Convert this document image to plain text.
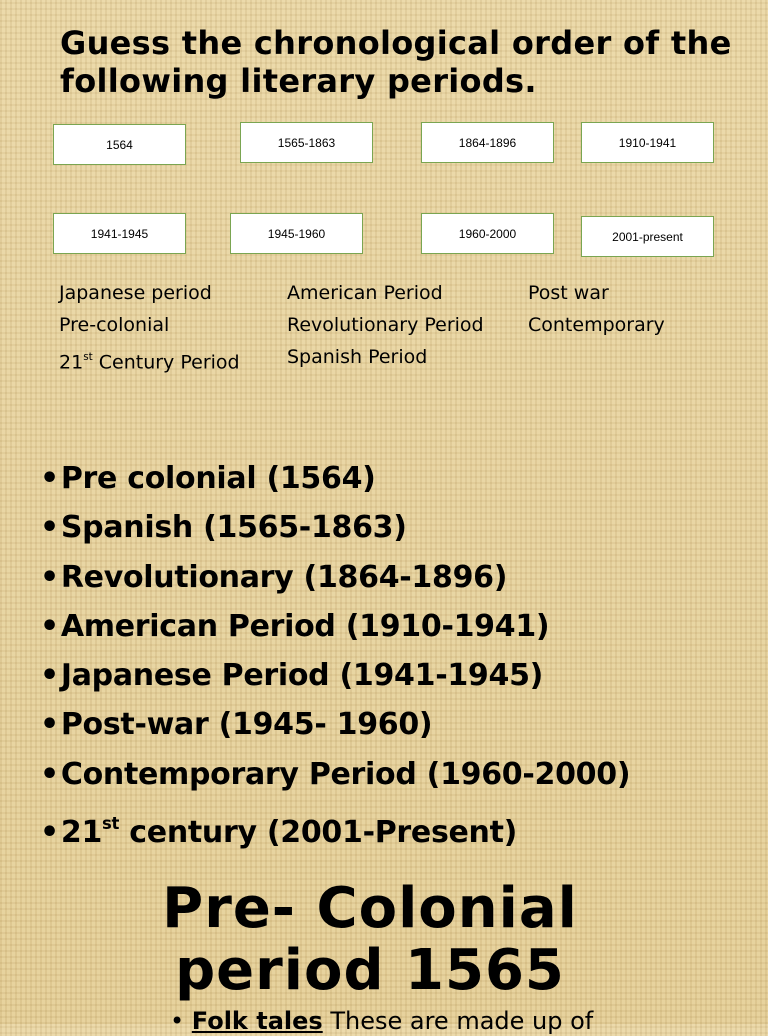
Guess the chronological order of the following literary periods.
1564	1565-1863	1864-1896	1910-1941
1941-1945	1945-1960	1960-2000	2001-present
Japanese period
Pre-colonial
21st Century Period
American Period
Revolutionary Period
Spanish Period
Post war
Contemporary
•Pre colonial (1564)
•Spanish (1565-1863)
•Revolutionary (1864-1896)
•American Period (1910-1941)
•Japanese Period (1941-1945)
•Post-war (1945- 1960)
•Contemporary Period (1960-2000)
•21st century (2001-Present)
Pre- Colonial
period 1565
• Folk tales These are made up of
